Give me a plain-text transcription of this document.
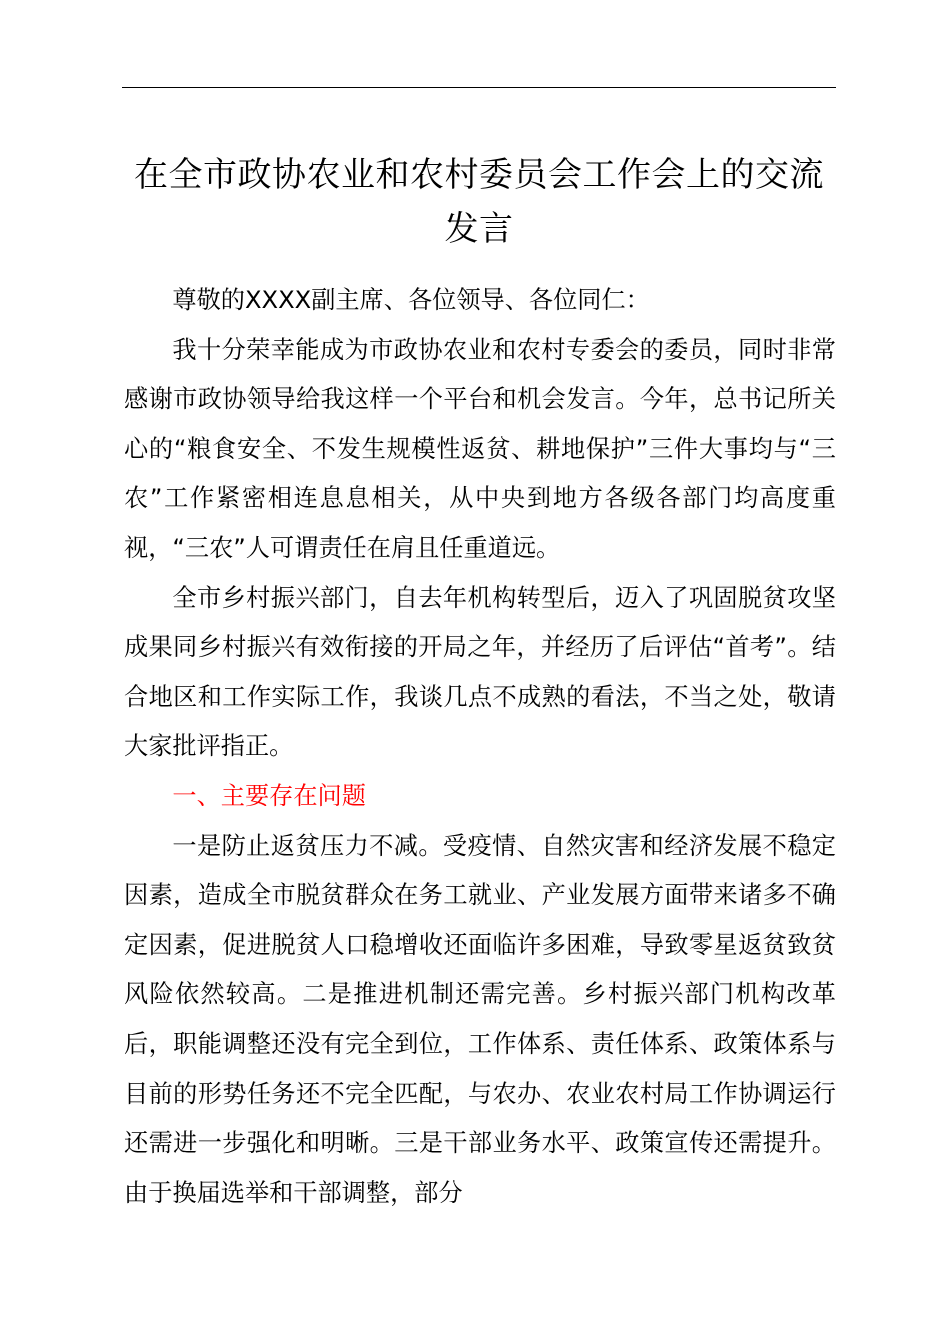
在全市政协农业和农村委员会工作会上的交流
发言

尊敬的XXXX副主席、各位领导、各位同仁：

我十分荣幸能成为市政协农业和农村专委会的委员，同时非常感谢市政协领导给我这样一个平台和机会发言。今年，总书记所关心的“粮食安全、不发生规模性返贫、耕地保护”三件大事均与“三农”工作紧密相连息息相关，从中央到地方各级各部门均高度重视，“三农”人可谓责任在肩且任重道远。

全市乡村振兴部门，自去年机构转型后，迈入了巩固脱贫攻坚成果同乡村振兴有效衔接的开局之年，并经历了后评估“首考”。结合地区和工作实际工作，我谈几点不成熟的看法，不当之处，敬请大家批评指正。

一、主要存在问题

一是防止返贫压力不减。受疫情、自然灾害和经济发展不稳定因素，造成全市脱贫群众在务工就业、产业发展方面带来诸多不确定因素，促进脱贫人口稳增收还面临许多困难，导致零星返贫致贫风险依然较高。二是推进机制还需完善。乡村振兴部门机构改革后，职能调整还没有完全到位，工作体系、责任体系、政策体系与目前的形势任务还不完全匹配，与农办、农业农村局工作协调运行还需进一步强化和明晰。三是干部业务水平、政策宣传还需提升。由于换届选举和干部调整，部分
